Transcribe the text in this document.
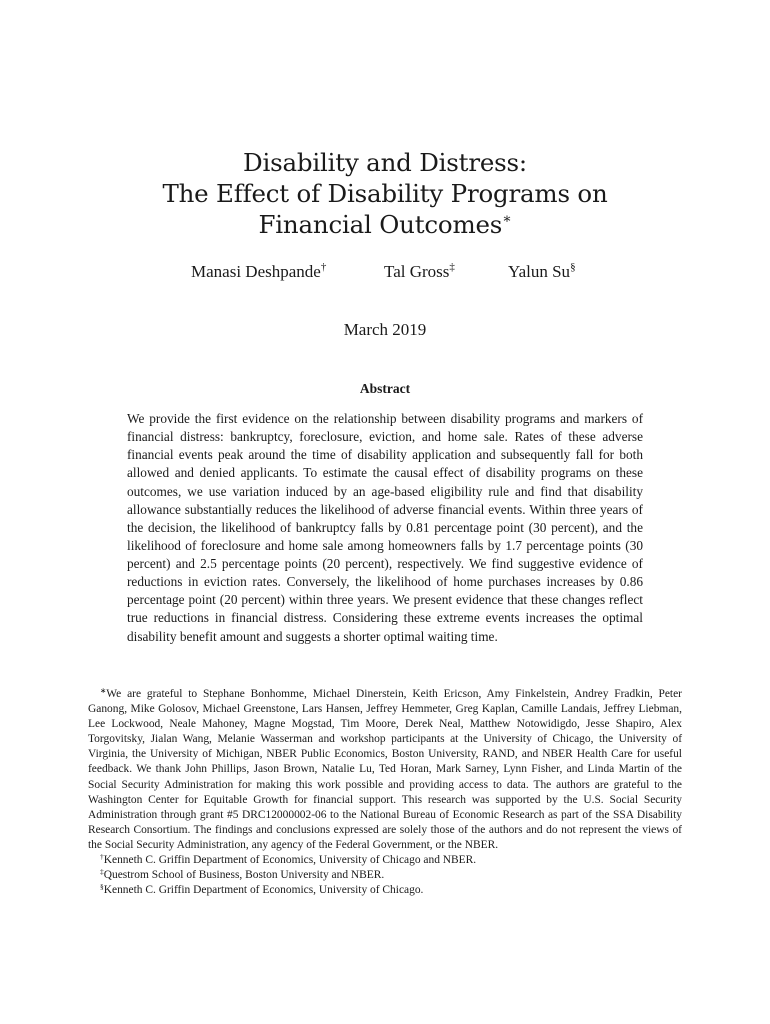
Disability and Distress:
The Effect of Disability Programs on
Financial Outcomes∗
Manasi Deshpande†	Tal Gross‡	Yalun Su§
March 2019
Abstract
We provide the first evidence on the relationship between disability programs and markers of financial distress: bankruptcy, foreclosure, eviction, and home sale. Rates of these adverse financial events peak around the time of disability application and subsequently fall for both allowed and denied applicants. To estimate the causal effect of disability programs on these outcomes, we use variation induced by an age-based eligibility rule and find that disability allowance substantially reduces the likelihood of adverse financial events. Within three years of the decision, the likelihood of bankruptcy falls by 0.81 percentage point (30 percent), and the likelihood of foreclosure and home sale among homeowners falls by 1.7 percentage points (30 percent) and 2.5 percentage points (20 percent), respectively. We find suggestive evidence of reductions in eviction rates. Conversely, the likelihood of home purchases increases by 0.86 percentage point (20 percent) within three years. We present evidence that these changes reflect true reductions in financial distress. Considering these extreme events increases the optimal disability benefit amount and suggests a shorter optimal waiting time.

∗We are grateful to Stephane Bonhomme, Michael Dinerstein, Keith Ericson, Amy Finkelstein, Andrey Fradkin, Peter Ganong, Mike Golosov, Michael Greenstone, Lars Hansen, Jeffrey Hemmeter, Greg Kaplan, Camille Landais, Jeffrey Liebman, Lee Lockwood, Neale Mahoney, Magne Mogstad, Tim Moore, Derek Neal, Matthew Notowidigdo, Jesse Shapiro, Alex Torgovitsky, Jialan Wang, Melanie Wasserman and workshop participants at the University of Chicago, the University of Virginia, the University of Michigan, NBER Public Economics, Boston University, RAND, and NBER Health Care for useful feedback. We thank John Phillips, Jason Brown, Natalie Lu, Ted Horan, Mark Sarney, Lynn Fisher, and Linda Martin of the Social Security Administration for making this work possible and providing access to data. The authors are grateful to the Washington Center for Equitable Growth for financial support. This research was supported by the U.S. Social Security Administration through grant #5 DRC12000002-06 to the National Bureau of Economic Research as part of the SSA Disability Research Consortium. The findings and conclusions expressed are solely those of the authors and do not represent the views of the Social Security Administration, any agency of the Federal Government, or the NBER.

†Kenneth C. Griffin Department of Economics, University of Chicago and NBER.

‡Questrom School of Business, Boston University and NBER.

§Kenneth C. Griffin Department of Economics, University of Chicago.
